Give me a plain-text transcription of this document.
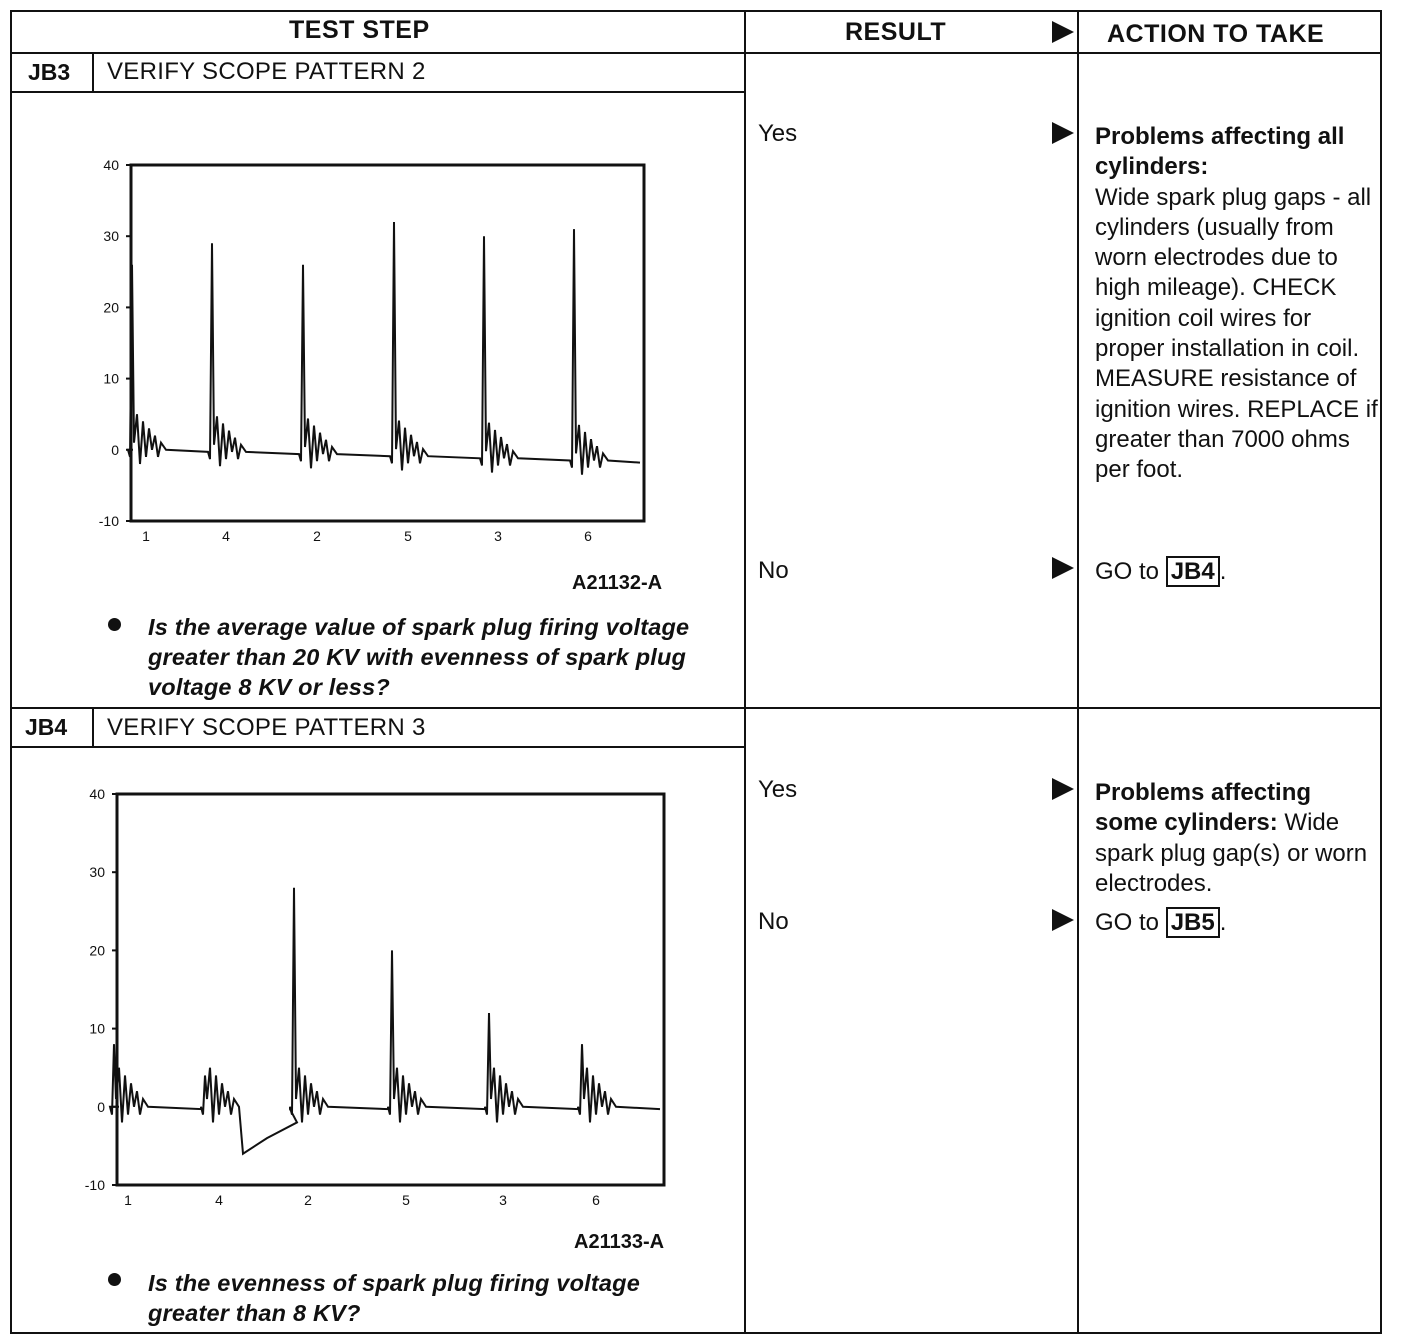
TEST STEP	RESULT	ACTION TO TAKE
JB3 VERIFY SCOPE PATTERN 2
40
30
20
10
0
-10
1	4	2	5	3	6
A21132-A
Is the average value of spark plug firing voltage greater than 20 KV with evenness of spark plug voltage 8 KV or less?
Yes	Problems affecting all cylinders:
Wide spark plug gaps - all cylinders (usually from worn electrodes due to high mileage). CHECK ignition coil wires for proper installation in coil. MEASURE resistance of ignition wires. REPLACE if greater than 7000 ohms per foot.
No	GO to JB4 .
JB4 VERIFY SCOPE PATTERN 3
40
30
20
10
0
-10
1	4	2	5	3	6
A21133-A
Is the evenness of spark plug firing voltage greater than 8 KV?
Yes	Problems affecting some cylinders: Wide spark plug gap(s) or worn electrodes.
No	GO to JB5 .
